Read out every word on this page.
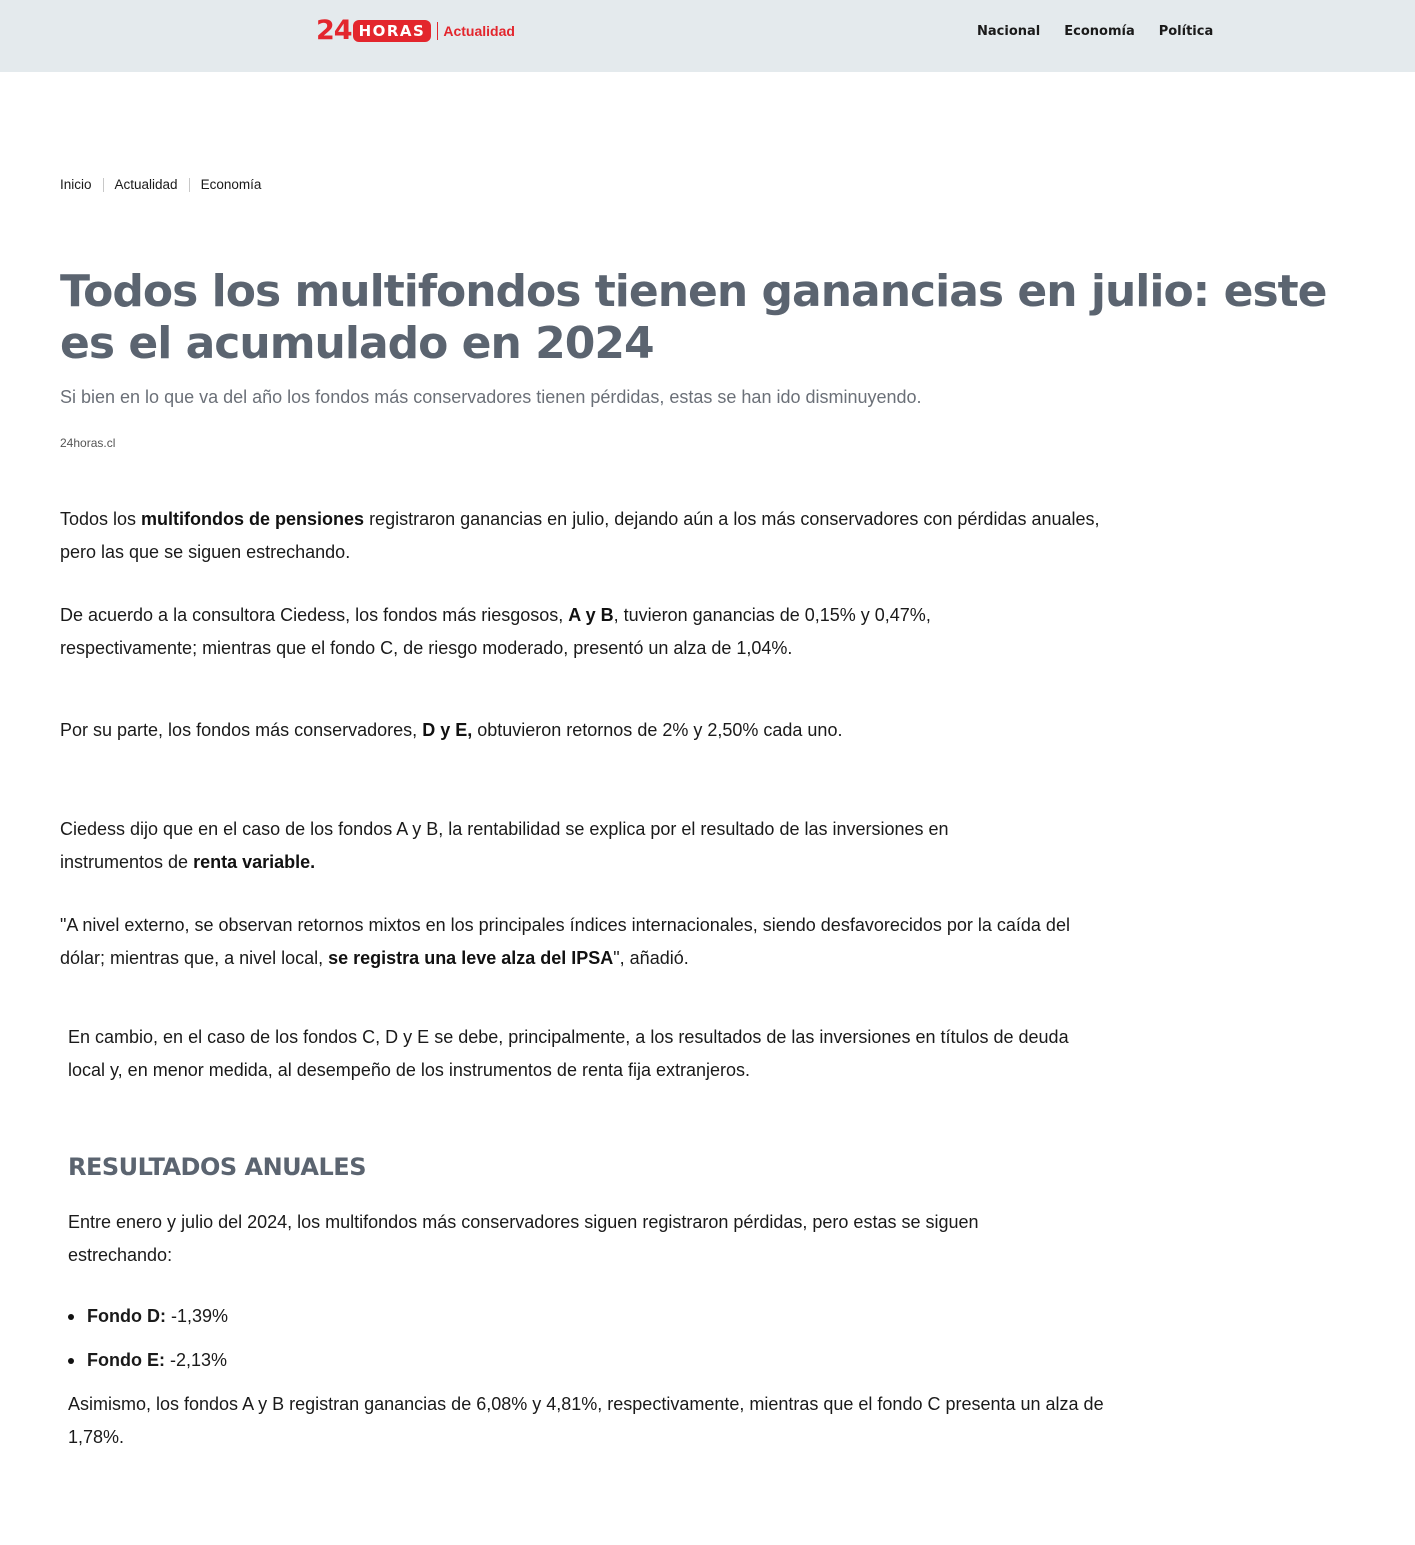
24 HORAS	Actualidad	Nacional Economía Política
Inicio Actualidad Economía
Todos los multifondos tienen ganancias en julio: este es el acumulado en 2024

Si bien en lo que va del año los fondos más conservadores tienen pérdidas, estas se han ido disminuyendo.

24horas.cl

Todos los multifondos de pensiones registraron ganancias en julio, dejando aún a los más conservadores con pérdidas anuales, pero las que se siguen estrechando.

De acuerdo a la consultora Ciedess, los fondos más riesgosos, A y B, tuvieron ganancias de 0,15% y 0,47%, respectivamente; mientras que el fondo C, de riesgo moderado, presentó un alza de 1,04%.

Por su parte, los fondos más conservadores, D y E, obtuvieron retornos de 2% y 2,50% cada uno.

Ciedess dijo que en el caso de los fondos A y B, la rentabilidad se explica por el resultado de las inversiones en instrumentos de renta variable.

"A nivel externo, se observan retornos mixtos en los principales índices internacionales, siendo desfavorecidos por la caída del dólar; mientras que, a nivel local, se registra una leve alza del IPSA", añadió.

En cambio, en el caso de los fondos C, D y E se debe, principalmente, a los resultados de las inversiones en títulos de deuda local y, en menor medida, al desempeño de los instrumentos de renta fija extranjeros.

RESULTADOS ANUALES

Entre enero y julio del 2024, los multifondos más conservadores siguen registraron pérdidas, pero estas se siguen estrechando:

Fondo D: -1,39%
Fondo E: -2,13%

Asimismo, los fondos A y B registran ganancias de 6,08% y 4,81%, respectivamente, mientras que el fondo C presenta un alza de 1,78%.
